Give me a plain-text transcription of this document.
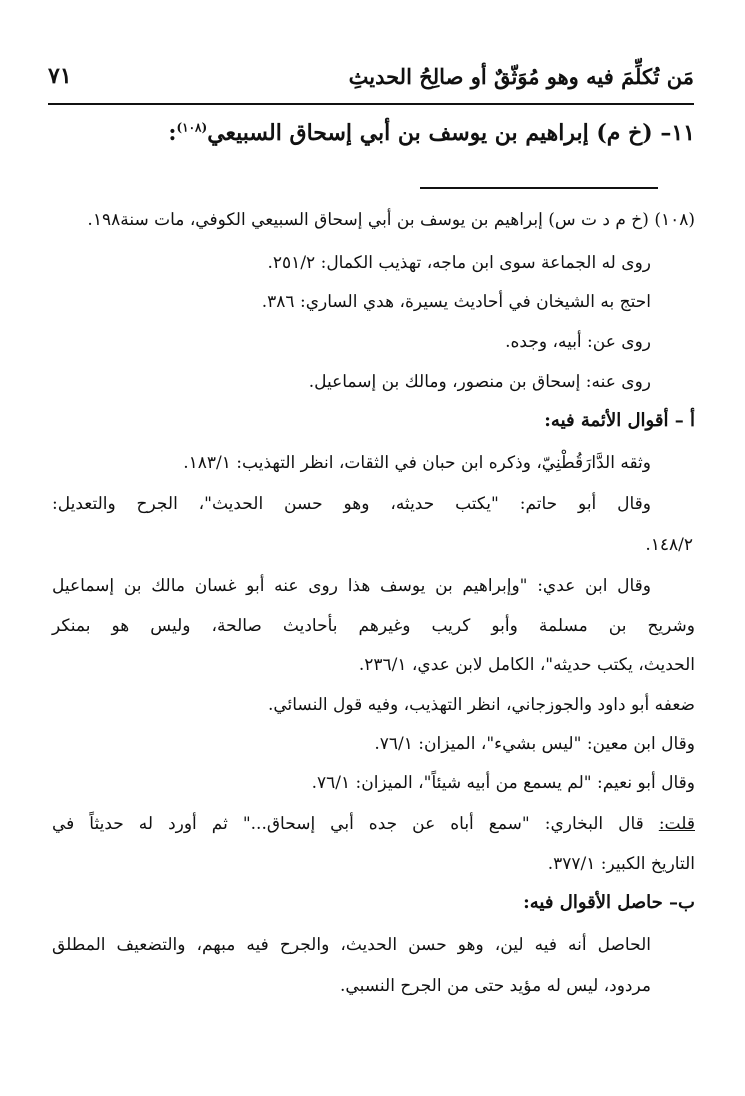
مَن تُكلِّمَ فيه وهو مُوَثّقٌ أو صالِحُ الحديثِ
٧١
١١– (خ م) إبراهيم بن يوسف بن أبي إسحاق السبيعي$^{(١٠٨)}$:
(١٠٨) (خ م د ت س) إبراهيم بن يوسف بن أبي إسحاق السبيعي الكوفي، مات سنة١٩٨.
روى له الجماعة سوى ابن ماجه، تهذيب الكمال: ٢٥١/٢.
احتج به الشيخان في أحاديث يسيرة، هدي الساري: ٣٨٦.
روى عن: أبيه، وجده.
روى عنه: إسحاق بن منصور، ومالك بن إسماعيل.
أ – أقوال الأئمة فيه:
وثقه الدَّارَقُطْنِيّ، وذكره ابن حبان في الثقات، انظر التهذيب: ١٨٣/١.
وقال أبو حاتم: "يكتب حديثه، وهو حسن الحديث"، الجرح والتعديل:
١٤٨/٢.
وقال ابن عدي: "وإبراهيم بن يوسف هذا روى عنه أبو غسان مالك بن إسماعيل
وشريح بن مسلمة وأبو كريب وغيرهم بأحاديث صالحة، وليس هو بمنكر
الحديث، يكتب حديثه"، الكامل لابن عدي، ٢٣٦/١.
ضعفه أبو داود والجوزجاني، انظر التهذيب، وفيه قول النسائي.
وقال ابن معين: "ليس بشيء"، الميزان: ٧٦/١.
وقال أبو نعيم: "لم يسمع من أبيه شيئاً"، الميزان: ٧٦/١.
قلت: قال البخاري: "سمع أباه عن جده أبي إسحاق..." ثم أورد له حديثاً في
التاريخ الكبير: ٣٧٧/١.
ب– حاصل الأقوال فيه:
الحاصل أنه فيه لين، وهو حسن الحديث، والجرح فيه مبهم، والتضعيف المطلق
مردود، ليس له مؤيد حتى من الجرح النسبي.
